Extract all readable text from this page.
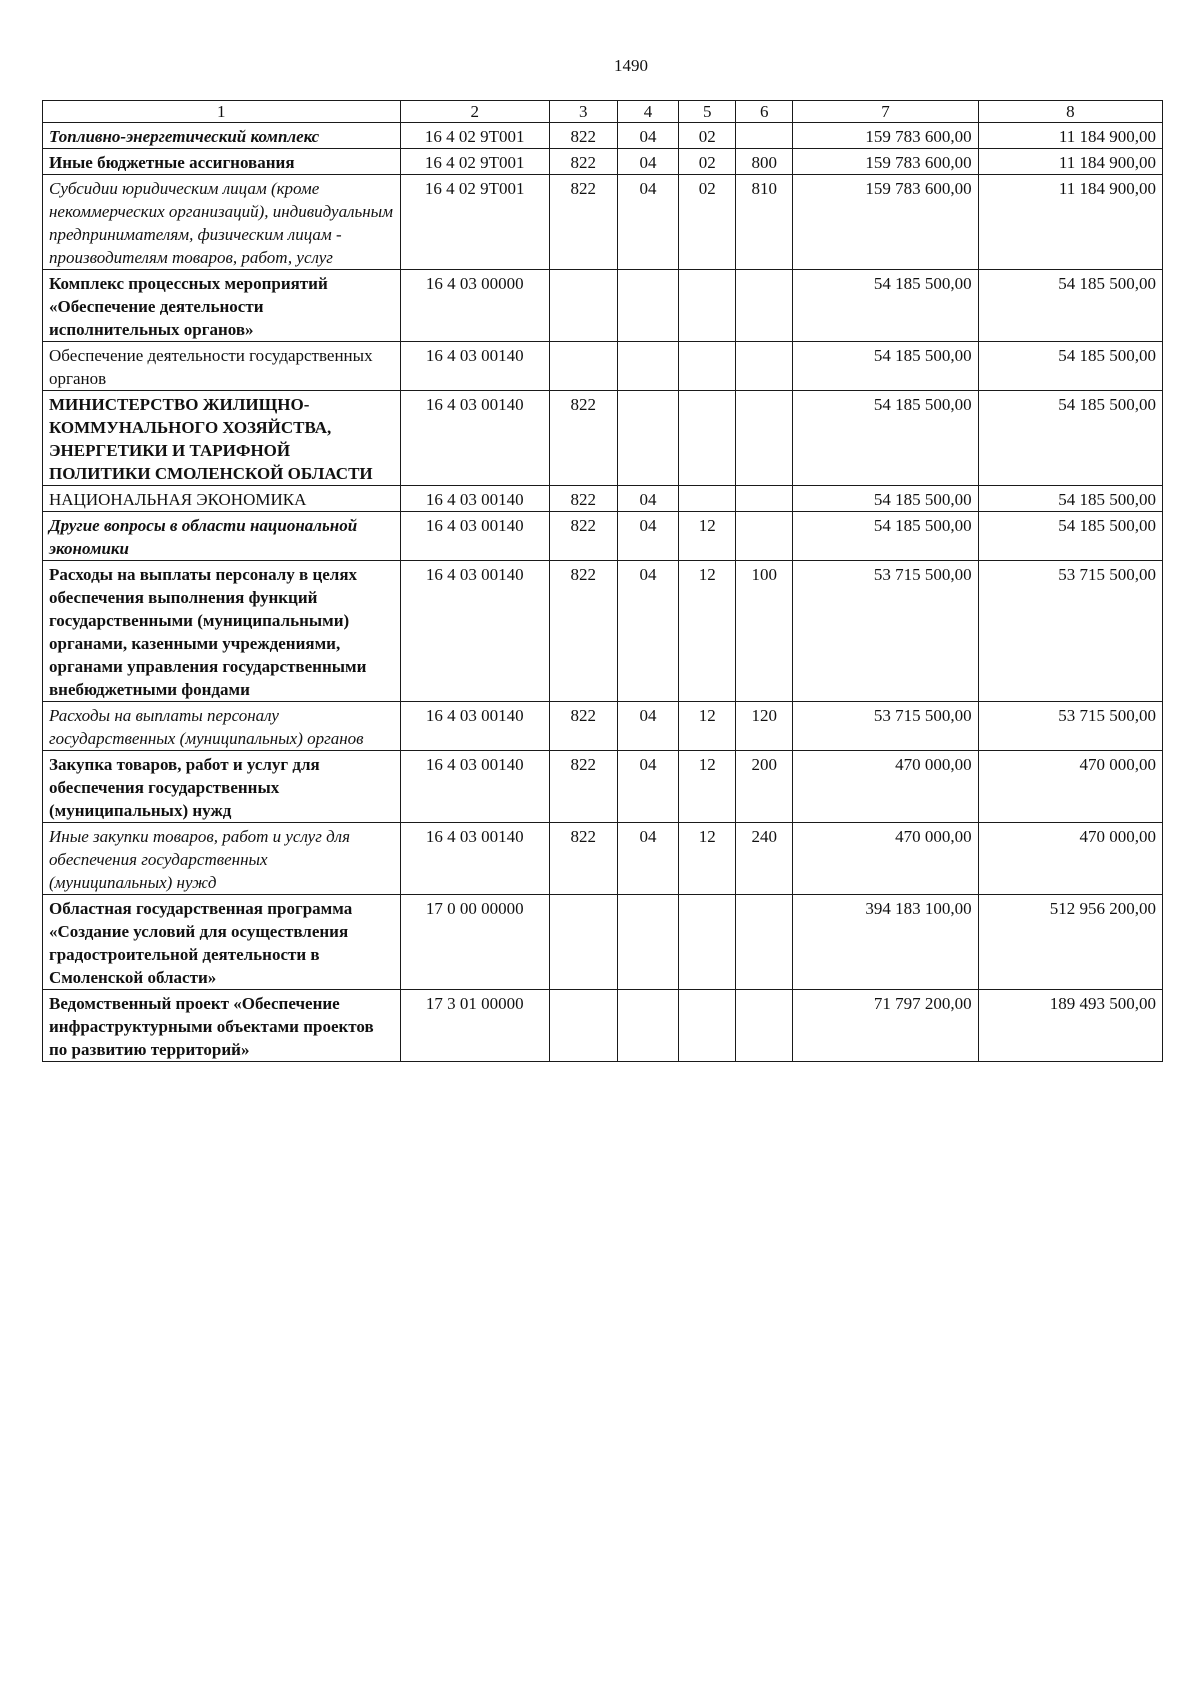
1490
1	2	3	4	5	6	7	8
Топливно-энергетический комплекс	16 4 02 9Т001	822	04	02		159 783 600,00	11 184 900,00
Иные бюджетные ассигнования	16 4 02 9Т001	822	04	02	800	159 783 600,00	11 184 900,00
Субсидии юридическим лицам (кроме некоммерческих организаций), индивидуальным предпринимателям, физическим лицам - производителям товаров, работ, услуг	16 4 02 9Т001	822	04	02	810	159 783 600,00	11 184 900,00
Комплекс процессных мероприятий «Обеспечение деятельности исполнительных органов»	16 4 03 00000					54 185 500,00	54 185 500,00
Обеспечение деятельности государственных органов	16 4 03 00140					54 185 500,00	54 185 500,00
МИНИСТЕРСТВО ЖИЛИЩНО-КОММУНАЛЬНОГО ХОЗЯЙСТВА, ЭНЕРГЕТИКИ И ТАРИФНОЙ ПОЛИТИКИ СМОЛЕНСКОЙ ОБЛАСТИ	16 4 03 00140	822				54 185 500,00	54 185 500,00
НАЦИОНАЛЬНАЯ ЭКОНОМИКА	16 4 03 00140	822	04			54 185 500,00	54 185 500,00
Другие вопросы в области национальной экономики	16 4 03 00140	822	04	12		54 185 500,00	54 185 500,00
Расходы на выплаты персоналу в целях обеспечения выполнения функций государственными (муниципальными) органами, казенными учреждениями, органами управления государственными внебюджетными фондами	16 4 03 00140	822	04	12	100	53 715 500,00	53 715 500,00
Расходы на выплаты персоналу государственных (муниципальных) органов	16 4 03 00140	822	04	12	120	53 715 500,00	53 715 500,00
Закупка товаров, работ и услуг для обеспечения государственных (муниципальных) нужд	16 4 03 00140	822	04	12	200	470 000,00	470 000,00
Иные закупки товаров, работ и услуг для обеспечения государственных (муниципальных) нужд	16 4 03 00140	822	04	12	240	470 000,00	470 000,00
Областная государственная программа «Создание условий для осуществления градостроительной деятельности в Смоленской области»	17 0 00 00000					394 183 100,00	512 956 200,00
Ведомственный проект «Обеспечение инфраструктурными объектами проектов по развитию территорий»	17 3 01 00000					71 797 200,00	189 493 500,00
